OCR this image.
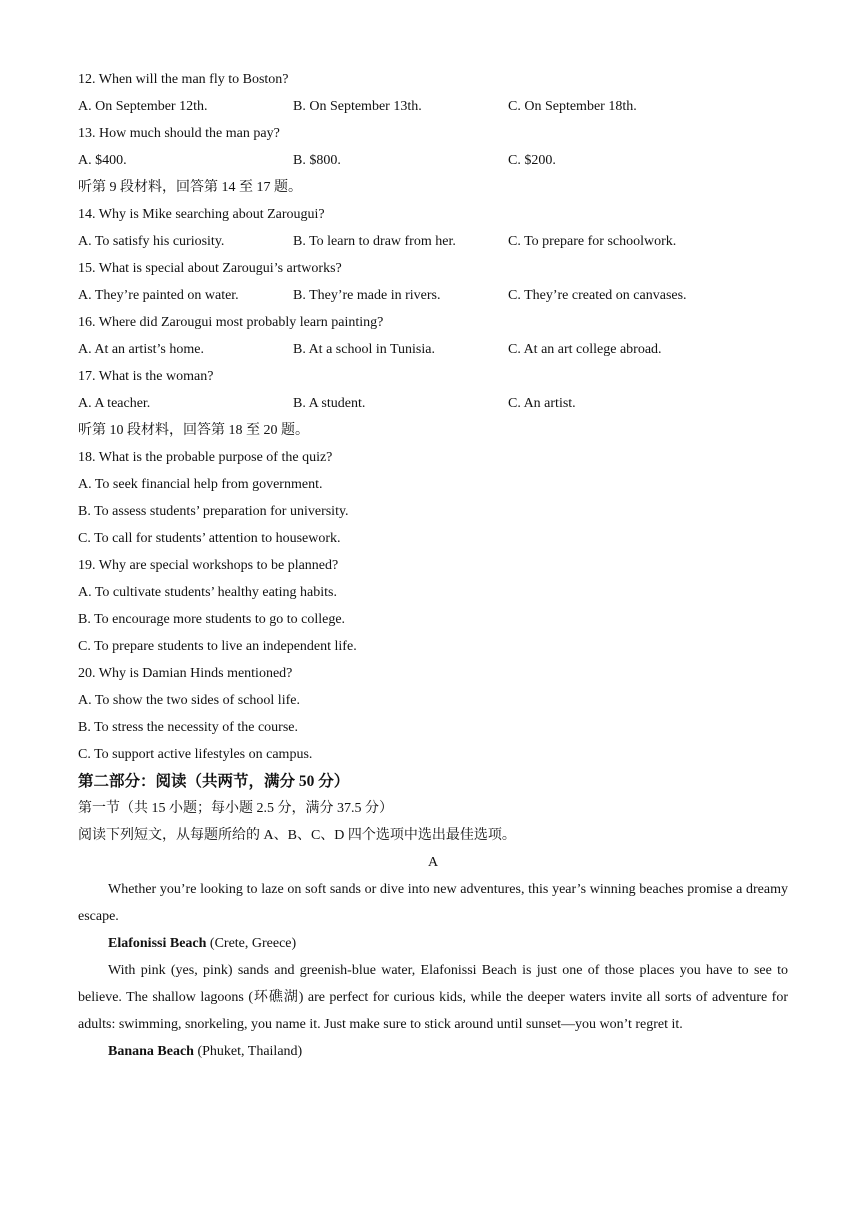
12. When will the man fly to Boston?
A. On September 12th.	B. On September 13th.	C. On September 18th.
13. How much should the man pay?
A. $400.	B. $800.	C. $200.
听第 9 段材料，回答第 14 至 17 题。
14. Why is Mike searching about Zarougui?
A. To satisfy his curiosity.	B. To learn to draw from her.	C. To prepare for schoolwork.
15. What is special about Zarougui’s artworks?
A. They’re painted on water.	B. They’re made in rivers.	C. They’re created on canvases.
16. Where did Zarougui most probably learn painting?
A. At an artist’s home.	B. At a school in Tunisia.	C. At an art college abroad.
17. What is the woman?
A. A teacher.	B. A student.	C. An artist.
听第 10 段材料，回答第 18 至 20 题。
18. What is the probable purpose of the quiz?
A. To seek financial help from government.
B. To assess students’ preparation for university.
C. To call for students’ attention to housework.
19. Why are special workshops to be planned?
A. To cultivate students’ healthy eating habits.
B. To encourage more students to go to college.
C. To prepare students to live an independent life.
20. Why is Damian Hinds mentioned?
A. To show the two sides of school life.
B. To stress the necessity of the course.
C. To support active lifestyles on campus.
第二部分：阅读（共两节，满分 50 分）
第一节（共 15 小题；每小题 2.5 分，满分 37.5 分）
阅读下列短文，从每题所给的 A、B、C、D 四个选项中选出最佳选项。
A
Whether you’re looking to laze on soft sands or dive into new adventures, this year’s winning beaches promise a dreamy escape.
Elafonissi Beach (Crete, Greece)
With pink (yes, pink) sands and greenish-blue water, Elafonissi Beach is just one of those places you have to see to believe. The shallow lagoons (环礁湖) are perfect for curious kids, while the deeper waters invite all sorts of adventure for adults: swimming, snorkeling, you name it. Just make sure to stick around until sunset—you won’t regret it.
Banana Beach (Phuket, Thailand)
